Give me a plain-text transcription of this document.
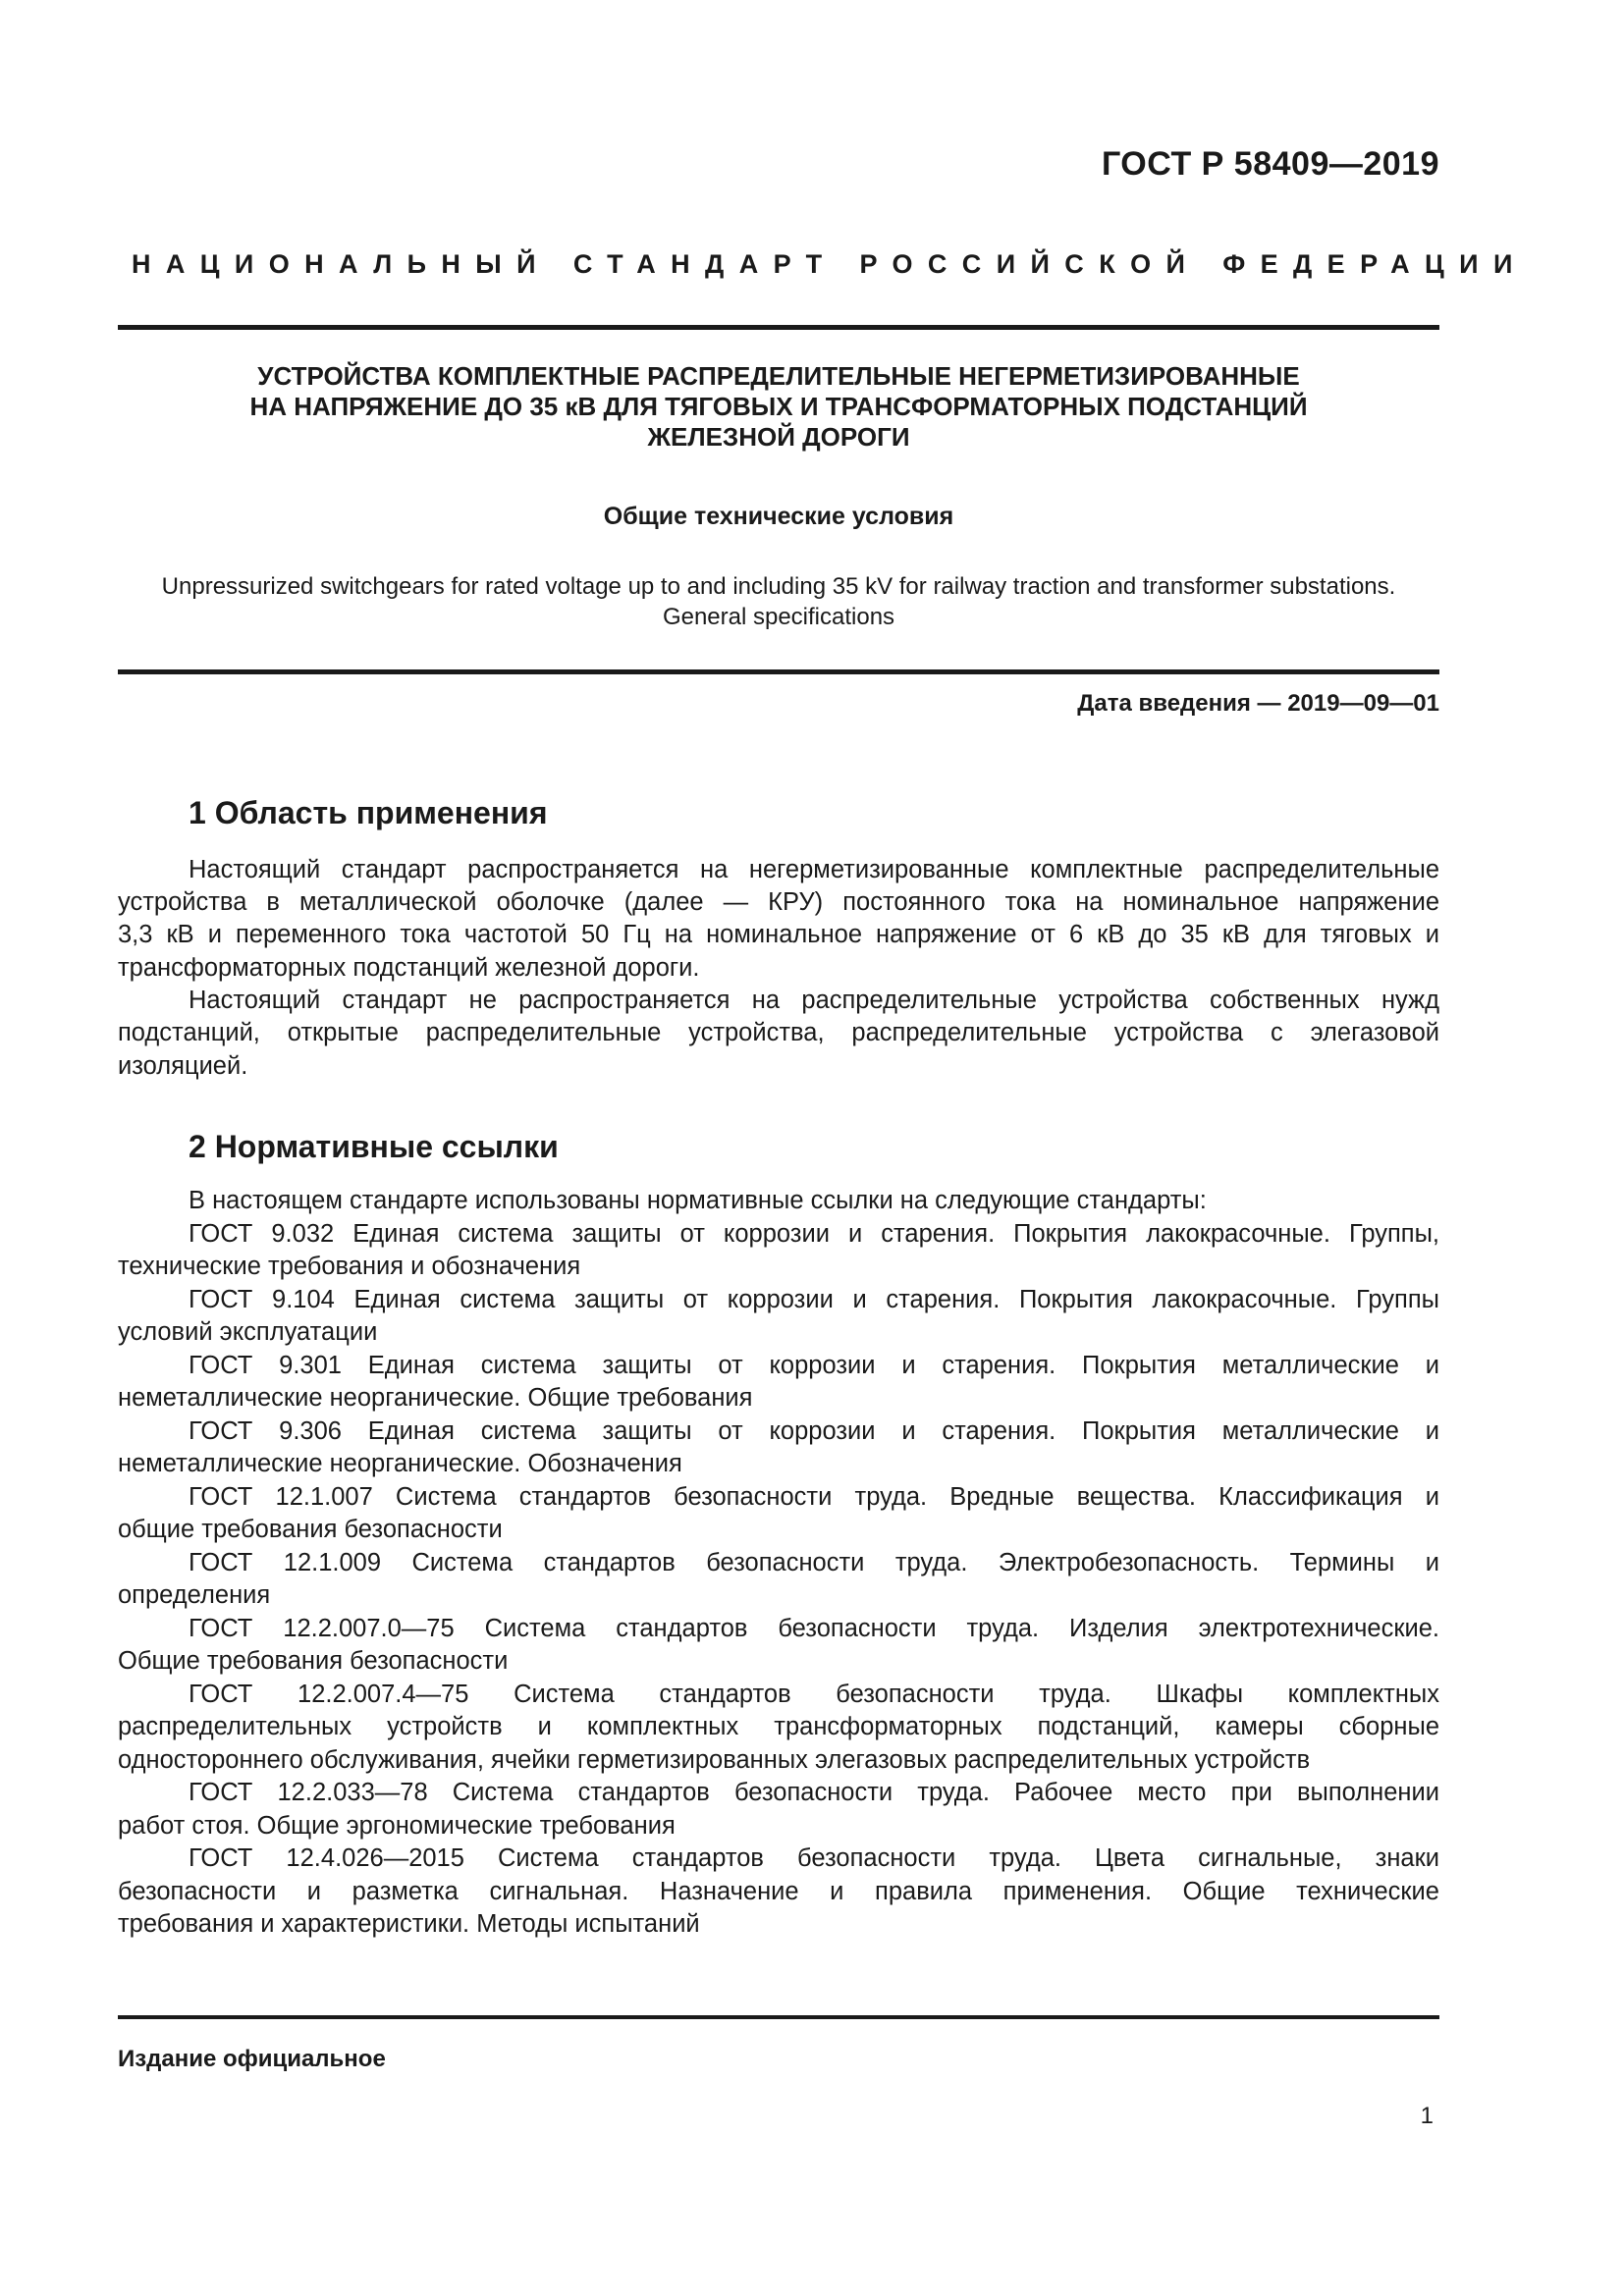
ГОСТ Р 58409—2019
НАЦИОНАЛЬНЫЙ СТАНДАРТ РОССИЙСКОЙ ФЕДЕРАЦИИ
УСТРОЙСТВА КОМПЛЕКТНЫЕ РАСПРЕДЕЛИТЕЛЬНЫЕ НЕГЕРМЕТИЗИРОВАННЫЕ
НА НАПРЯЖЕНИЕ ДО 35 кВ ДЛЯ ТЯГОВЫХ И ТРАНСФОРМАТОРНЫХ ПОДСТАНЦИЙ
ЖЕЛЕЗНОЙ ДОРОГИ
Общие технические условия
Unpressurized switchgears for rated voltage up to and including 35 kV for railway traction and transformer substations.
General specifications
Дата введения — 2019—09—01
1 Область применения
Настоящий стандарт распространяется на негерметизированные комплектные распределительные
устройства в металлической оболочке (далее — КРУ) постоянного тока на номинальное напряжение
3,3 кВ и переменного тока частотой 50 Гц на номинальное напряжение от 6 кВ до 35 кВ для тяговых и
трансформаторных подстанций железной дороги.
Настоящий стандарт не распространяется на распределительные устройства собственных нужд
подстанций, открытые распределительные устройства, распределительные устройства с элегазовой
изоляцией.
2 Нормативные ссылки
В настоящем стандарте использованы нормативные ссылки на следующие стандарты:
ГОСТ 9.032 Единая система защиты от коррозии и старения. Покрытия лакокрасочные. Группы,
технические требования и обозначения
ГОСТ 9.104 Единая система защиты от коррозии и старения. Покрытия лакокрасочные. Группы
условий эксплуатации
ГОСТ 9.301 Единая система защиты от коррозии и старения. Покрытия металлические и
неметаллические неорганические. Общие требования
ГОСТ 9.306 Единая система защиты от коррозии и старения. Покрытия металлические и
неметаллические неорганические. Обозначения
ГОСТ 12.1.007 Система стандартов безопасности труда. Вредные вещества. Классификация и
общие требования безопасности
ГОСТ 12.1.009 Система стандартов безопасности труда. Электробезопасность. Термины и
определения
ГОСТ 12.2.007.0—75 Система стандартов безопасности труда. Изделия электротехнические.
Общие требования безопасности
ГОСТ 12.2.007.4—75 Система стандартов безопасности труда. Шкафы комплектных
распределительных устройств и комплектных трансформаторных подстанций, камеры сборные
одностороннего обслуживания, ячейки герметизированных элегазовых распределительных устройств
ГОСТ 12.2.033—78 Система стандартов безопасности труда. Рабочее место при выполнении
работ стоя. Общие эргономические требования
ГОСТ 12.4.026—2015 Система стандартов безопасности труда. Цвета сигнальные, знаки
безопасности и разметка сигнальная. Назначение и правила применения. Общие технические
требования и характеристики. Методы испытаний
Издание официальное
1
